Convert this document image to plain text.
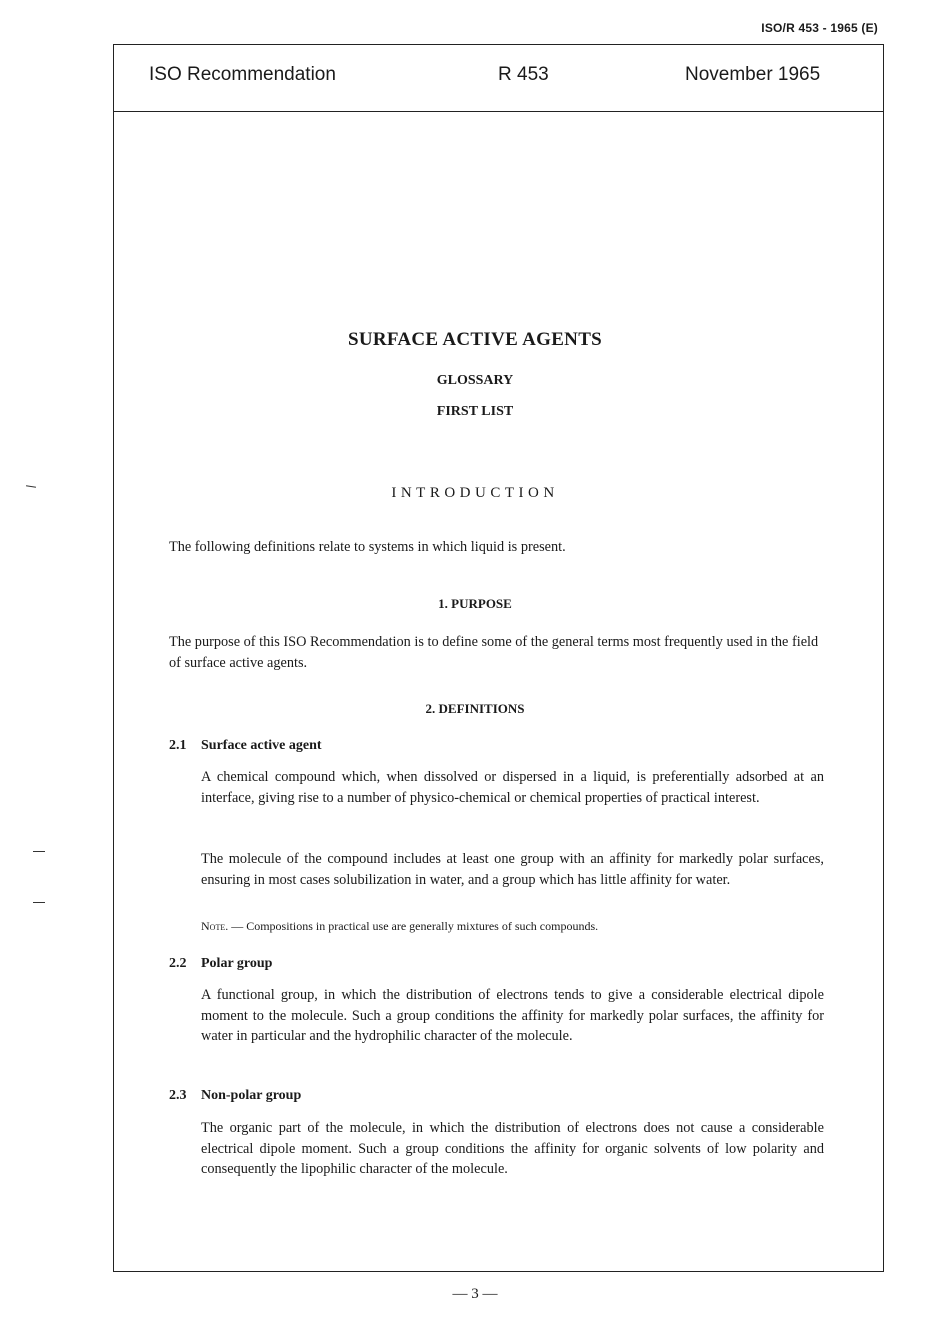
ISO/R 453 - 1965 (E)
ISO Recommendation	R 453	November 1965
SURFACE ACTIVE AGENTS
GLOSSARY
FIRST LIST
INTRODUCTION
The following definitions relate to systems in which liquid is present.
1. PURPOSE
The purpose of this ISO Recommendation is to define some of the general terms most frequently used in the field of surface active agents.
2. DEFINITIONS
2.1 Surface active agent
A chemical compound which, when dissolved or dispersed in a liquid, is preferentially adsorbed at an interface, giving rise to a number of physico-chemical or chemical properties of practical interest.
The molecule of the compound includes at least one group with an affinity for markedly polar surfaces, ensuring in most cases solubilization in water, and a group which has little affinity for water.
Note. — Compositions in practical use are generally mixtures of such compounds.
2.2 Polar group
A functional group, in which the distribution of electrons tends to give a considerable electrical dipole moment to the molecule. Such a group conditions the affinity for markedly polar surfaces, the affinity for water in particular and the hydrophilic character of the molecule.
2.3 Non-polar group
The organic part of the molecule, in which the distribution of electrons does not cause a considerable electrical dipole moment. Such a group conditions the affinity for organic solvents of low polarity and consequently the lipophilic character of the molecule.
— 3 —
